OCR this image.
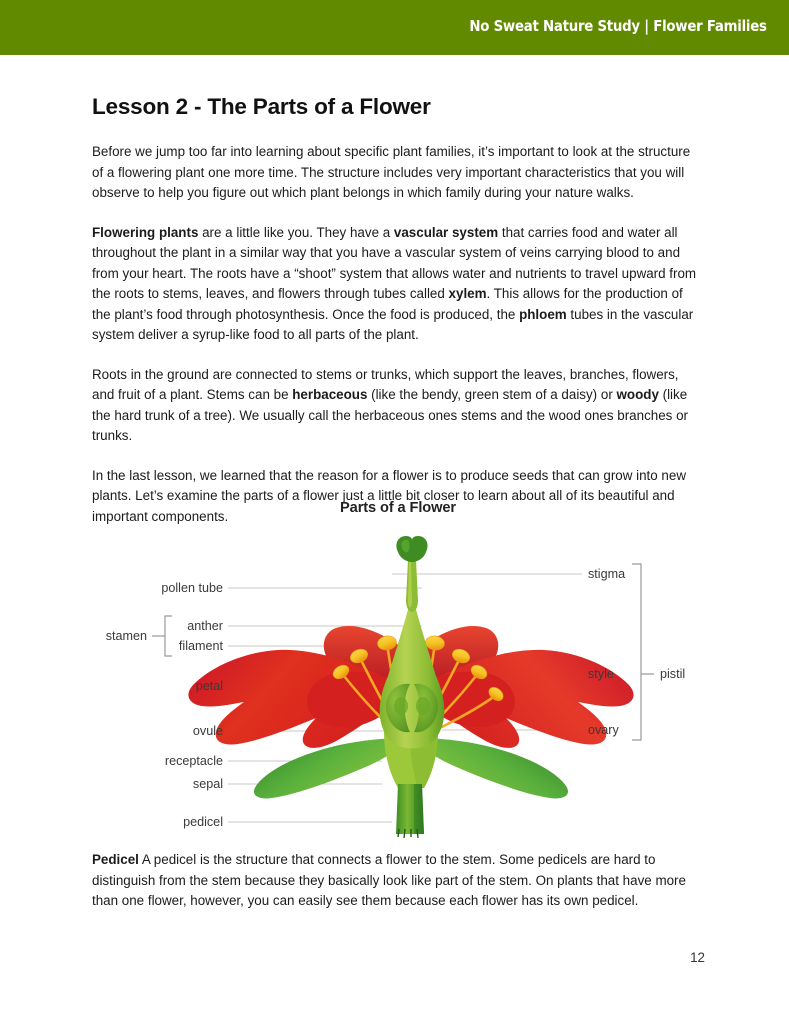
No Sweat Nature Study | Flower Families
Lesson 2 - The Parts of a Flower

Before we jump too far into learning about specific plant families, it’s important to look at the structure of a flowering plant one more time. The structure includes very important characteristics that you will observe to help you figure out which plant belongs in which family during your nature walks.

Flowering plants are a little like you. They have a vascular system that carries food and water all throughout the plant in a similar way that you have a vascular system of veins carrying blood to and from your heart. The roots have a “shoot” system that allows water and nutrients to travel upward from the roots to stems, leaves, and flowers through tubes called xylem. This allows for the production of the plant’s food through photosynthesis. Once the food is produced, the phloem tubes in the vascular system deliver a syrup-like food to all parts of the plant.

Roots in the ground are connected to stems or trunks, which support the leaves, branches, flowers, and fruit of a plant. Stems can be herbaceous (like the bendy, green stem of a daisy) or woody (like the hard trunk of a tree). We usually call the herbaceous ones stems and the wood ones branches or trunks.

In the last lesson, we learned that the reason for a flower is to produce seeds that can grow into new plants. Let’s examine the parts of a flower just a little bit closer to learn about all of its beautiful and important components.	Parts of a Flower
pollen tube
anther
filament
petal
ovule
receptacle
sepal
pedicel
stamen
stigma
style
ovary
pistil

Pedicel A pedicel is the structure that connects a flower to the stem. Some pedicels are hard to distinguish from the stem because they basically look like part of the stem. On plants that have more than one flower, however, you can easily see them because each flower has its own pedicel.

12
